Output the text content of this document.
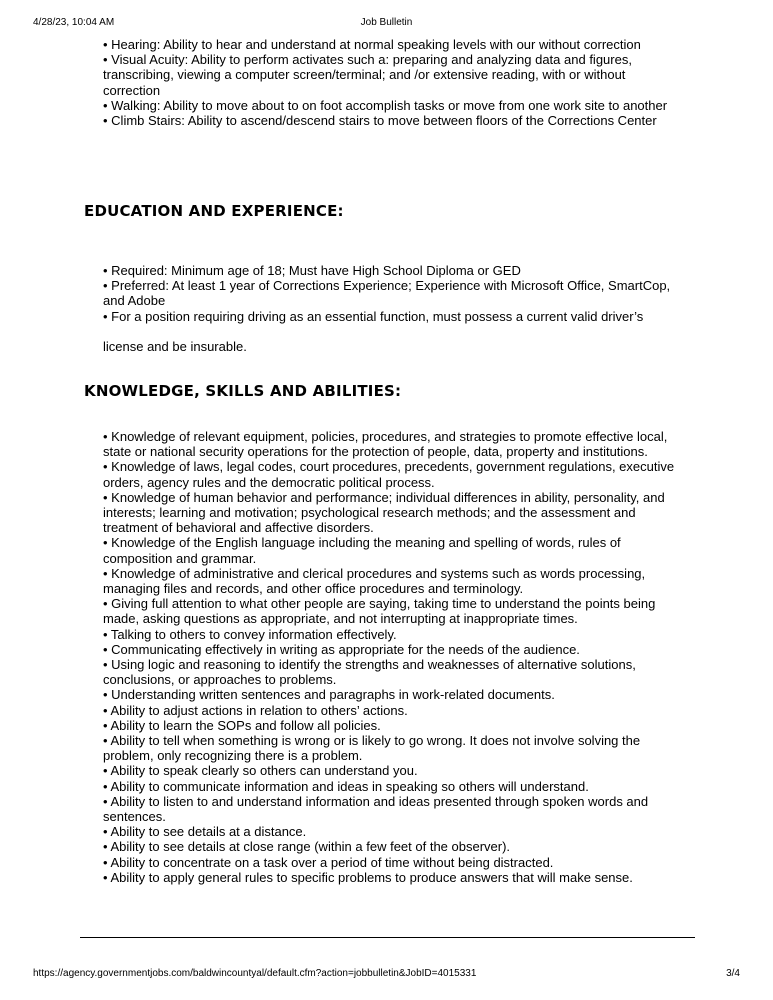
4/28/23, 10:04 AM	Job Bulletin

• Hearing: Ability to hear and understand at normal speaking levels with our without correction

• Visual Acuity: Ability to perform activates such a: preparing and analyzing data and figures, transcribing, viewing a computer screen/terminal; and /or extensive reading, with or without correction

• Walking: Ability to move about to on foot accomplish tasks or move from one work site to another

• Climb Stairs: Ability to ascend/descend stairs to move between floors of the Corrections Center

EDUCATION AND EXPERIENCE:

• Required: Minimum age of 18; Must have High School Diploma or GED

• Preferred: At least 1 year of Corrections Experience; Experience with Microsoft Office, SmartCop, and Adobe

• For a position requiring driving as an essential function, must possess a current valid driver’s

license and be insurable.

KNOWLEDGE, SKILLS AND ABILITIES:

• Knowledge of relevant equipment, policies, procedures, and strategies to promote effective local, state or national security operations for the protection of people, data, property and institutions.

• Knowledge of laws, legal codes, court procedures, precedents, government regulations, executive orders, agency rules and the democratic political process.

• Knowledge of human behavior and performance; individual differences in ability, personality, and interests; learning and motivation; psychological research methods; and the assessment and treatment of behavioral and affective disorders.

• Knowledge of the English language including the meaning and spelling of words, rules of composition and grammar.

• Knowledge of administrative and clerical procedures and systems such as words processing, managing files and records, and other office procedures and terminology.

• Giving full attention to what other people are saying, taking time to understand the points being made, asking questions as appropriate, and not interrupting at inappropriate times.

• Talking to others to convey information effectively.

• Communicating effectively in writing as appropriate for the needs of the audience.

• Using logic and reasoning to identify the strengths and weaknesses of alternative solutions, conclusions, or approaches to problems.

• Understanding written sentences and paragraphs in work-related documents.

• Ability to adjust actions in relation to others’ actions.

• Ability to learn the SOPs and follow all policies.

• Ability to tell when something is wrong or is likely to go wrong. It does not involve solving the problem, only recognizing there is a problem.

• Ability to speak clearly so others can understand you.

• Ability to communicate information and ideas in speaking so others will understand.

• Ability to listen to and understand information and ideas presented through spoken words and sentences.

• Ability to see details at a distance.

• Ability to see details at close range (within a few feet of the observer).

• Ability to concentrate on a task over a period of time without being distracted.

• Ability to apply general rules to specific problems to produce answers that will make sense.

https://agency.governmentjobs.com/baldwincountyal/default.cfm?action=jobbulletin&JobID=4015331	3/4
